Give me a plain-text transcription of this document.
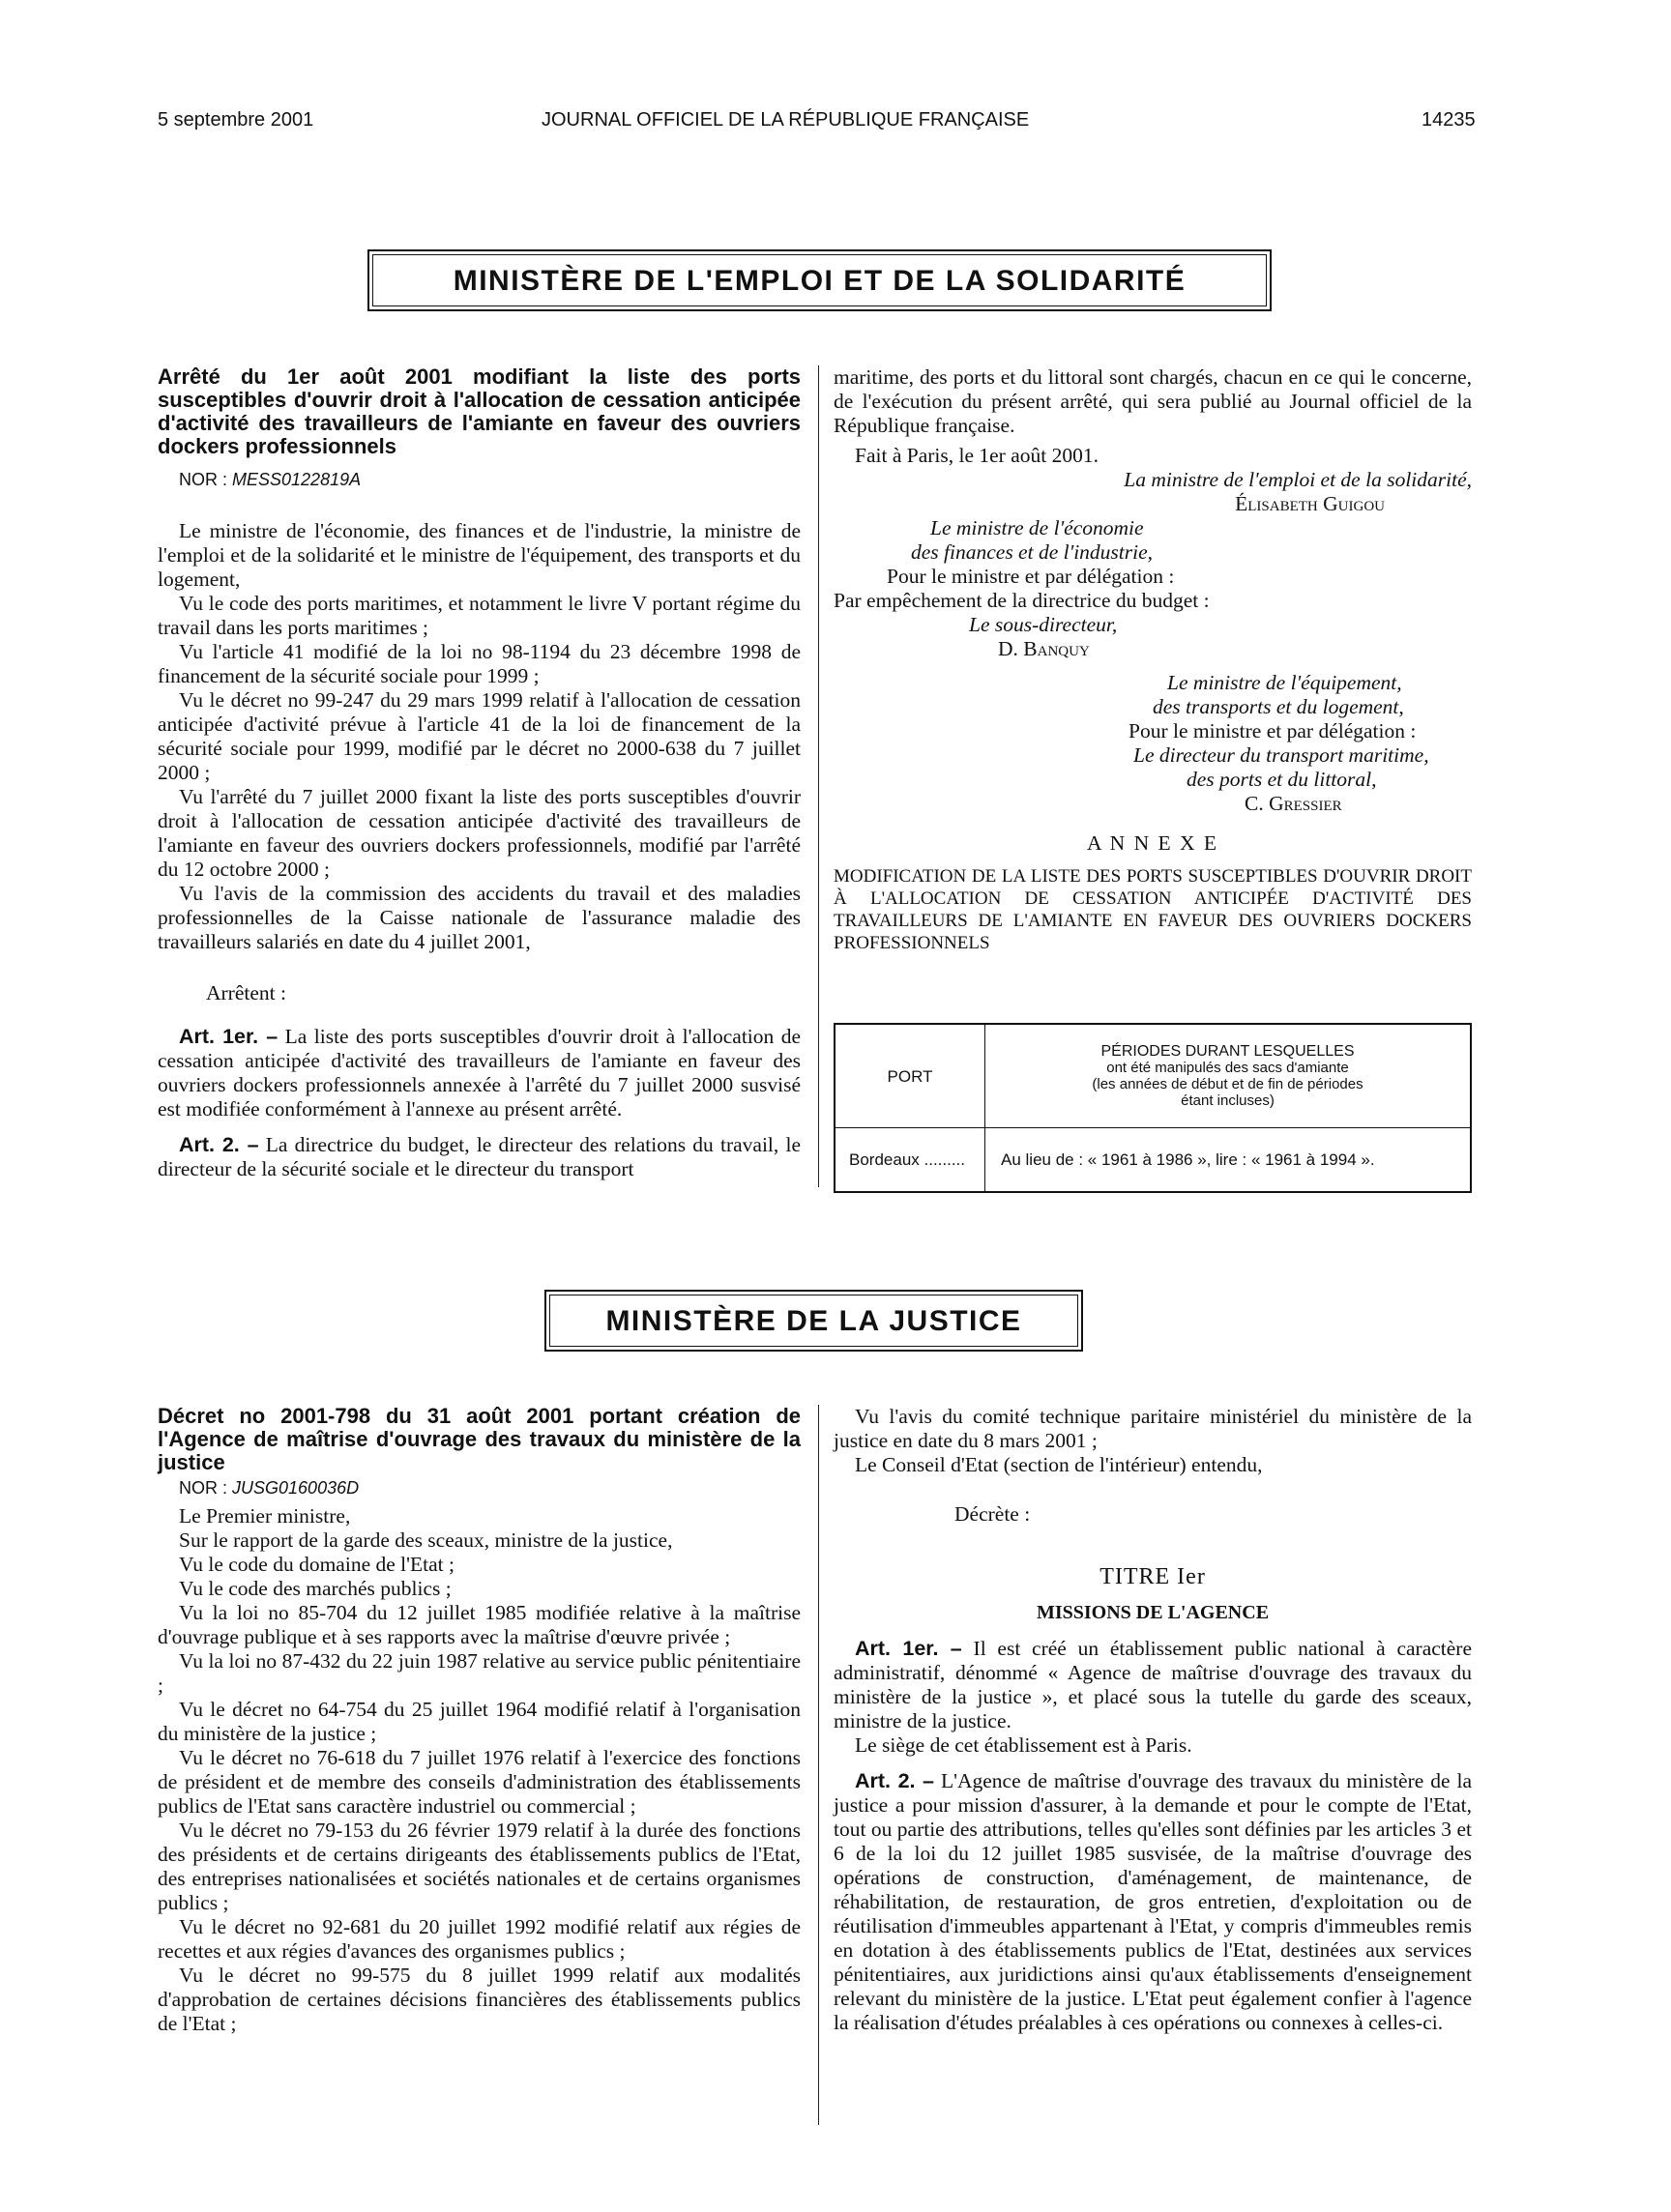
5 septembre 2001	JOURNAL OFFICIEL DE LA RÉPUBLIQUE FRANÇAISE	14235
MINISTÈRE DE L'EMPLOI ET DE LA SOLIDARITÉ

Arrêté du 1er août 2001 modifiant la liste des ports susceptibles d'ouvrir droit à l'allocation de cessation anticipée d'activité des travailleurs de l'amiante en faveur des ouvriers dockers professionnels

NOR : MESS0122819A

Le ministre de l'économie, des finances et de l'industrie, la ministre de l'emploi et de la solidarité et le ministre de l'équipement, des transports et du logement,

Vu le code des ports maritimes, et notamment le livre V portant régime du travail dans les ports maritimes ;

Vu l'article 41 modifié de la loi no 98-1194 du 23 décembre 1998 de financement de la sécurité sociale pour 1999 ;

Vu le décret no 99-247 du 29 mars 1999 relatif à l'allocation de cessation anticipée d'activité prévue à l'article 41 de la loi de financement de la sécurité sociale pour 1999, modifié par le décret no 2000-638 du 7 juillet 2000 ;

Vu l'arrêté du 7 juillet 2000 fixant la liste des ports susceptibles d'ouvrir droit à l'allocation de cessation anticipée d'activité des travailleurs de l'amiante en faveur des ouvriers dockers professionnels, modifié par l'arrêté du 12 octobre 2000 ;

Vu l'avis de la commission des accidents du travail et des maladies professionnelles de la Caisse nationale de l'assurance maladie des travailleurs salariés en date du 4 juillet 2001,

Arrêtent :

Art. 1er. – La liste des ports susceptibles d'ouvrir droit à l'allocation de cessation anticipée d'activité des travailleurs de l'amiante en faveur des ouvriers dockers professionnels annexée à l'arrêté du 7 juillet 2000 susvisé est modifiée conformément à l'annexe au présent arrêté.

Art. 2. – La directrice du budget, le directeur des relations du travail, le directeur de la sécurité sociale et le directeur du transport

maritime, des ports et du littoral sont chargés, chacun en ce qui le concerne, de l'exécution du présent arrêté, qui sera publié au Journal officiel de la République française.

Fait à Paris, le 1er août 2001.

La ministre de l'emploi et de la solidarité,

Élisabeth Guigou

Le ministre de l'économie

des finances et de l'industrie,

Pour le ministre et par délégation :

Par empêchement de la directrice du budget :

Le sous-directeur,

D. Banquy

Le ministre de l'équipement,

des transports et du logement,

Pour le ministre et par délégation :

Le directeur du transport maritime,

des ports et du littoral,

C. Gressier

A N N E X E

MODIFICATION DE LA LISTE DES PORTS SUSCEPTIBLES D'OUVRIR DROIT À L'ALLOCATION DE CESSATION ANTICIPÉE D'ACTIVITÉ DES TRAVAILLEURS DE L'AMIANTE EN FAVEUR DES OUVRIERS DOCKERS PROFESSIONNELS

PORT
PÉRIODES DURANT LESQUELLES
ont été manipulés des sacs d'amiante
(les années de début et de fin de périodes
étant incluses)
Bordeaux .........	Au lieu de : « 1961 à 1986 », lire : « 1961 à 1994 ».
MINISTÈRE DE LA JUSTICE

Décret no 2001-798 du 31 août 2001 portant création de l'Agence de maîtrise d'ouvrage des travaux du ministère de la justice

NOR : JUSG0160036D

Le Premier ministre,

Sur le rapport de la garde des sceaux, ministre de la justice,

Vu le code du domaine de l'Etat ;

Vu le code des marchés publics ;

Vu la loi no 85-704 du 12 juillet 1985 modifiée relative à la maîtrise d'ouvrage publique et à ses rapports avec la maîtrise d'œuvre privée ;

Vu la loi no 87-432 du 22 juin 1987 relative au service public pénitentiaire ;

Vu le décret no 64-754 du 25 juillet 1964 modifié relatif à l'organisation du ministère de la justice ;

Vu le décret no 76-618 du 7 juillet 1976 relatif à l'exercice des fonctions de président et de membre des conseils d'administration des établissements publics de l'Etat sans caractère industriel ou commercial ;

Vu le décret no 79-153 du 26 février 1979 relatif à la durée des fonctions des présidents et de certains dirigeants des établissements publics de l'Etat, des entreprises nationalisées et sociétés nationales et de certains organismes publics ;

Vu le décret no 92-681 du 20 juillet 1992 modifié relatif aux régies de recettes et aux régies d'avances des organismes publics ;

Vu le décret no 99-575 du 8 juillet 1999 relatif aux modalités d'approbation de certaines décisions financières des établissements publics de l'Etat ;

Vu l'avis du comité technique paritaire ministériel du ministère de la justice en date du 8 mars 2001 ;

Le Conseil d'Etat (section de l'intérieur) entendu,

Décrète :

TITRE Ier

MISSIONS DE L'AGENCE

Art. 1er. – Il est créé un établissement public national à caractère administratif, dénommé « Agence de maîtrise d'ouvrage des travaux du ministère de la justice », et placé sous la tutelle du garde des sceaux, ministre de la justice.

Le siège de cet établissement est à Paris.

Art. 2. – L'Agence de maîtrise d'ouvrage des travaux du ministère de la justice a pour mission d'assurer, à la demande et pour le compte de l'Etat, tout ou partie des attributions, telles qu'elles sont définies par les articles 3 et 6 de la loi du 12 juillet 1985 susvisée, de la maîtrise d'ouvrage des opérations de construction, d'aménagement, de maintenance, de réhabilitation, de restauration, de gros entretien, d'exploitation ou de réutilisation d'immeubles appartenant à l'Etat, y compris d'immeubles remis en dotation à des établissements publics de l'Etat, destinées aux services pénitentiaires, aux juridictions ainsi qu'aux établissements d'enseignement relevant du ministère de la justice. L'Etat peut également confier à l'agence la réalisation d'études préalables à ces opérations ou connexes à celles-ci.
